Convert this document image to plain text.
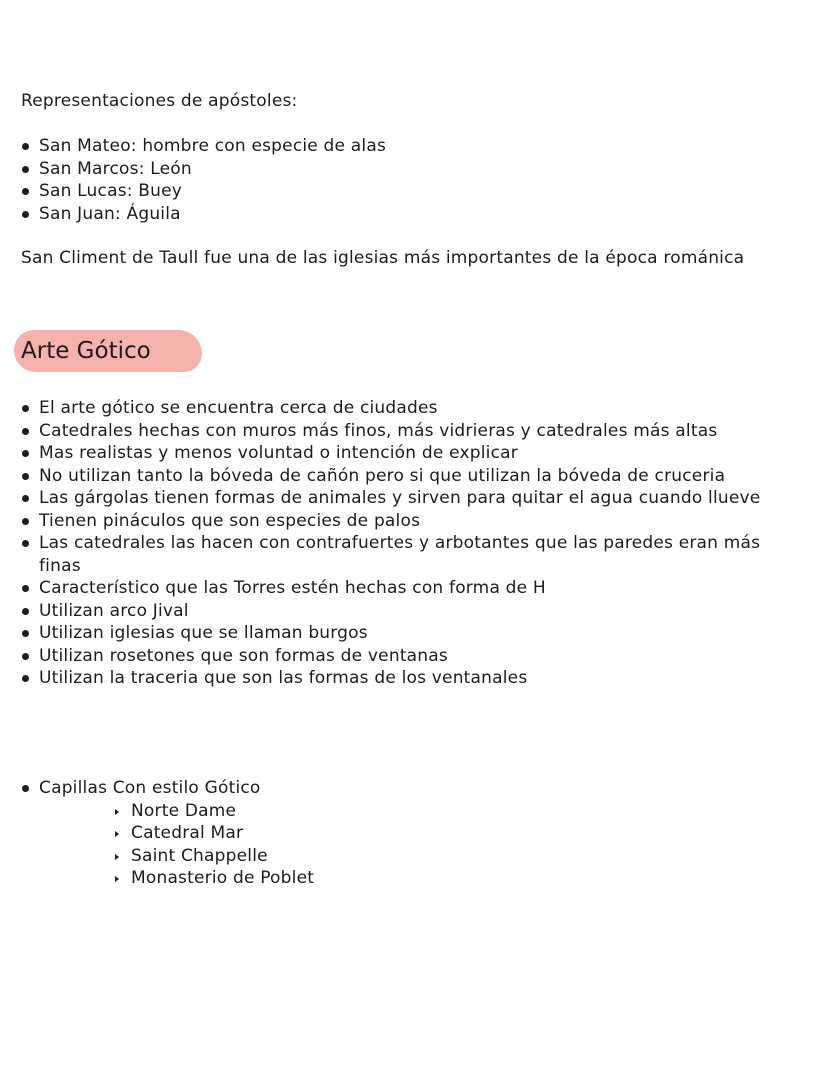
Representaciones de apóstoles:

San Mateo: hombre con especie de alas
San Marcos: León
San Lucas: Buey
San Juan: Águila

San Climent de Taull fue una de las iglesias más importantes de la época románica

Arte Gótico
El arte gótico se encuentra cerca de ciudades
Catedrales hechas con muros más finos, más vidrieras y catedrales más altas
Mas realistas y menos voluntad o intención de explicar
No utilizan tanto la bóveda de cañón pero si que utilizan la bóveda de cruceria
Las gárgolas tienen formas de animales y sirven para quitar el agua cuando llueve
Tienen pináculos que son especies de palos
Las catedrales las hacen con contrafuertes y arbotantes que las paredes eran más finas
Característico que las Torres estén hechas con forma de H
Utilizan arco Jival
Utilizan iglesias que se llaman burgos
Utilizan rosetones que son formas de ventanas
Utilizan la traceria que son las formas de los ventanales
Capillas Con estilo Gótico
Norte Dame
Catedral Mar
Saint Chappelle
Monasterio de Poblet
